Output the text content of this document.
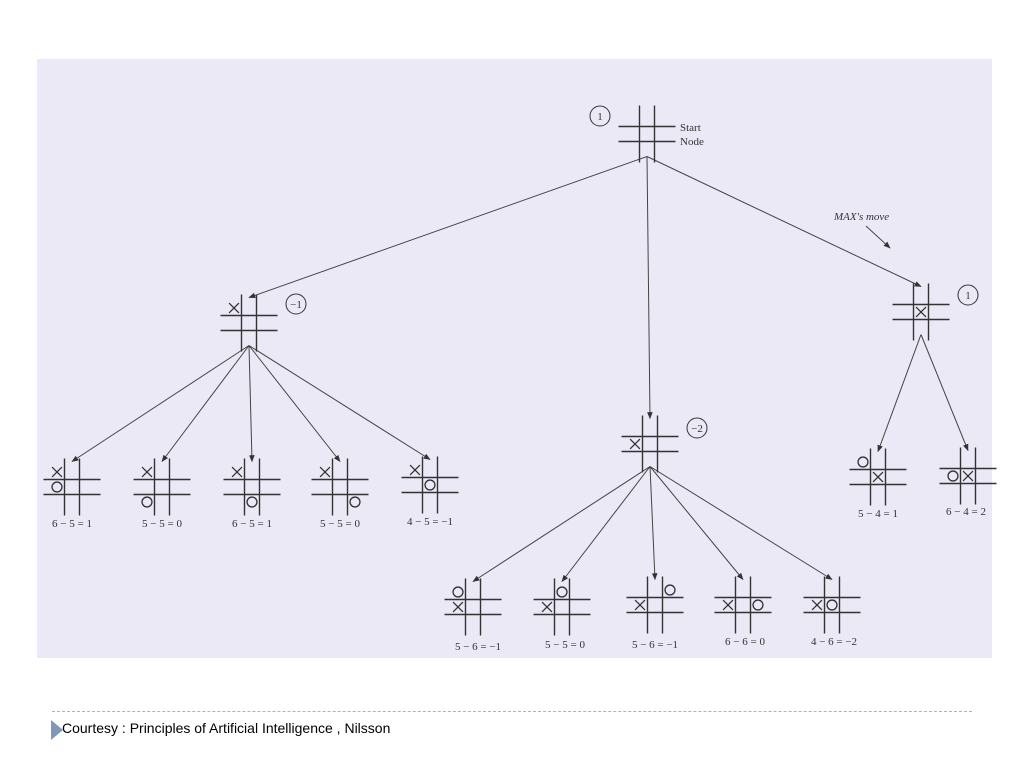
1
−1
−2
1
6 − 5 = 1	5 − 5 = 0	6 − 5 = 1	5 − 5 = 0	4 − 5 = −1
5 − 6 = −1	5 − 5 = 0	5 − 6 = −1	6 − 6 = 0	4 − 6 = −2
5 − 4 = 1	6 − 4 = 2
Start
Node
MAX's move
Courtesy : Principles of Artificial Intelligence , Nilsson
